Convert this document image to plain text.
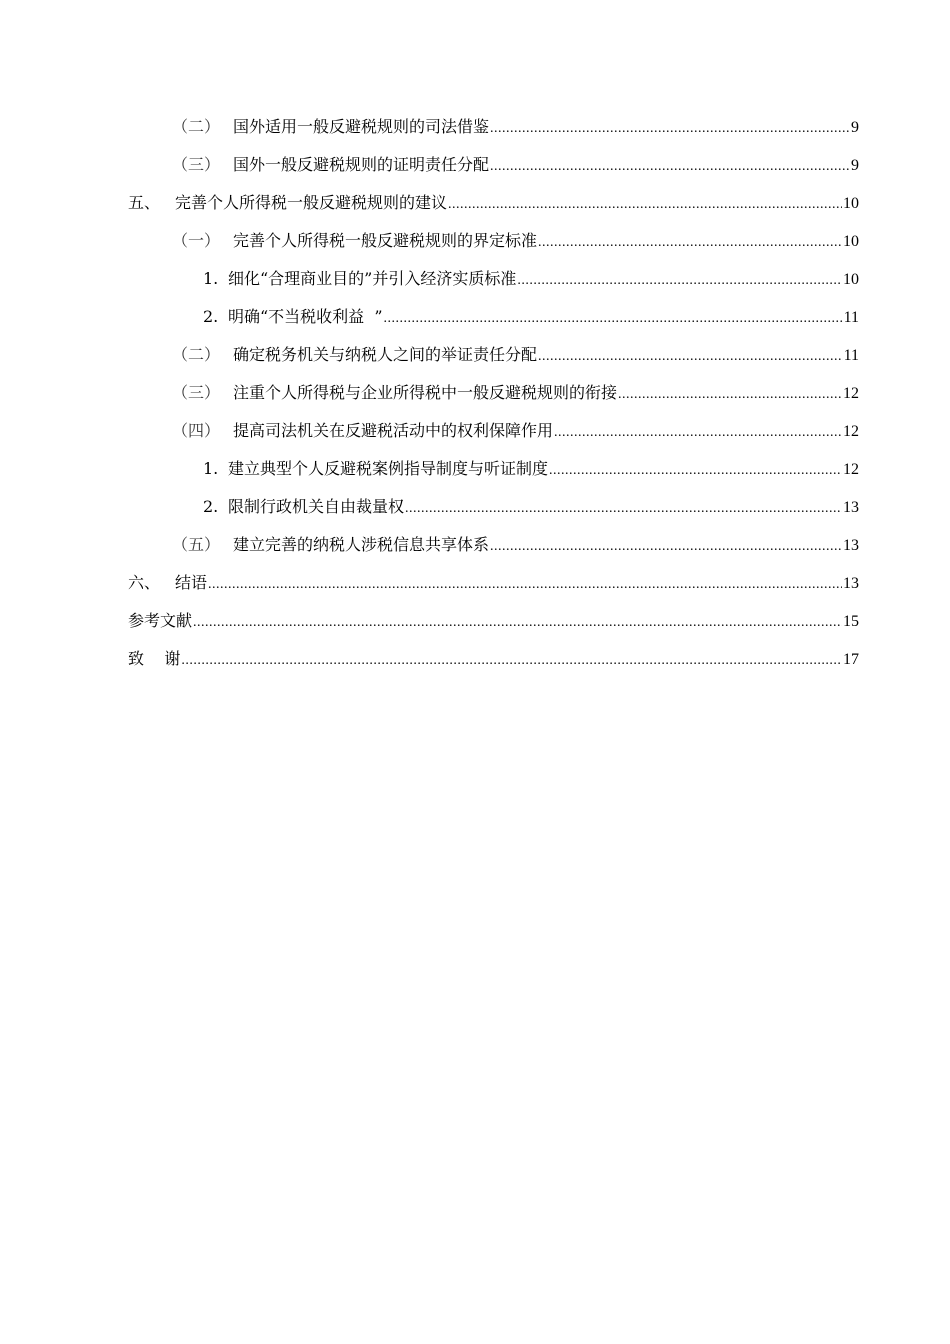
（二） 国外适用一般反避税规则的司法借鉴 .....	9
（三） 国外一般反避税规则的证明责任分配 .....	9
五、 完善个人所得税一般反避税规则的建议 .....	10
（一） 完善个人所得税一般反避税规则的界定标准 .....	10
1. 细化“合理商业目的”并引入经济实质标准 .....	10
2. 明确“不当税收利益  ” .....	11
（二） 确定税务机关与纳税人之间的举证责任分配 .....	11
（三） 注重个人所得税与企业所得税中一般反避税规则的衔接 .....	12
（四） 提高司法机关在反避税活动中的权利保障作用 .....	12
1. 建立典型个人反避税案例指导制度与听证制度 .....	12
2. 限制行政机关自由裁量权 .....	13
（五） 建立完善的纳税人涉税信息共享体系 .....	13
六、 结语 .....	13
参考文献 .....	15
致    谢 .....	17
